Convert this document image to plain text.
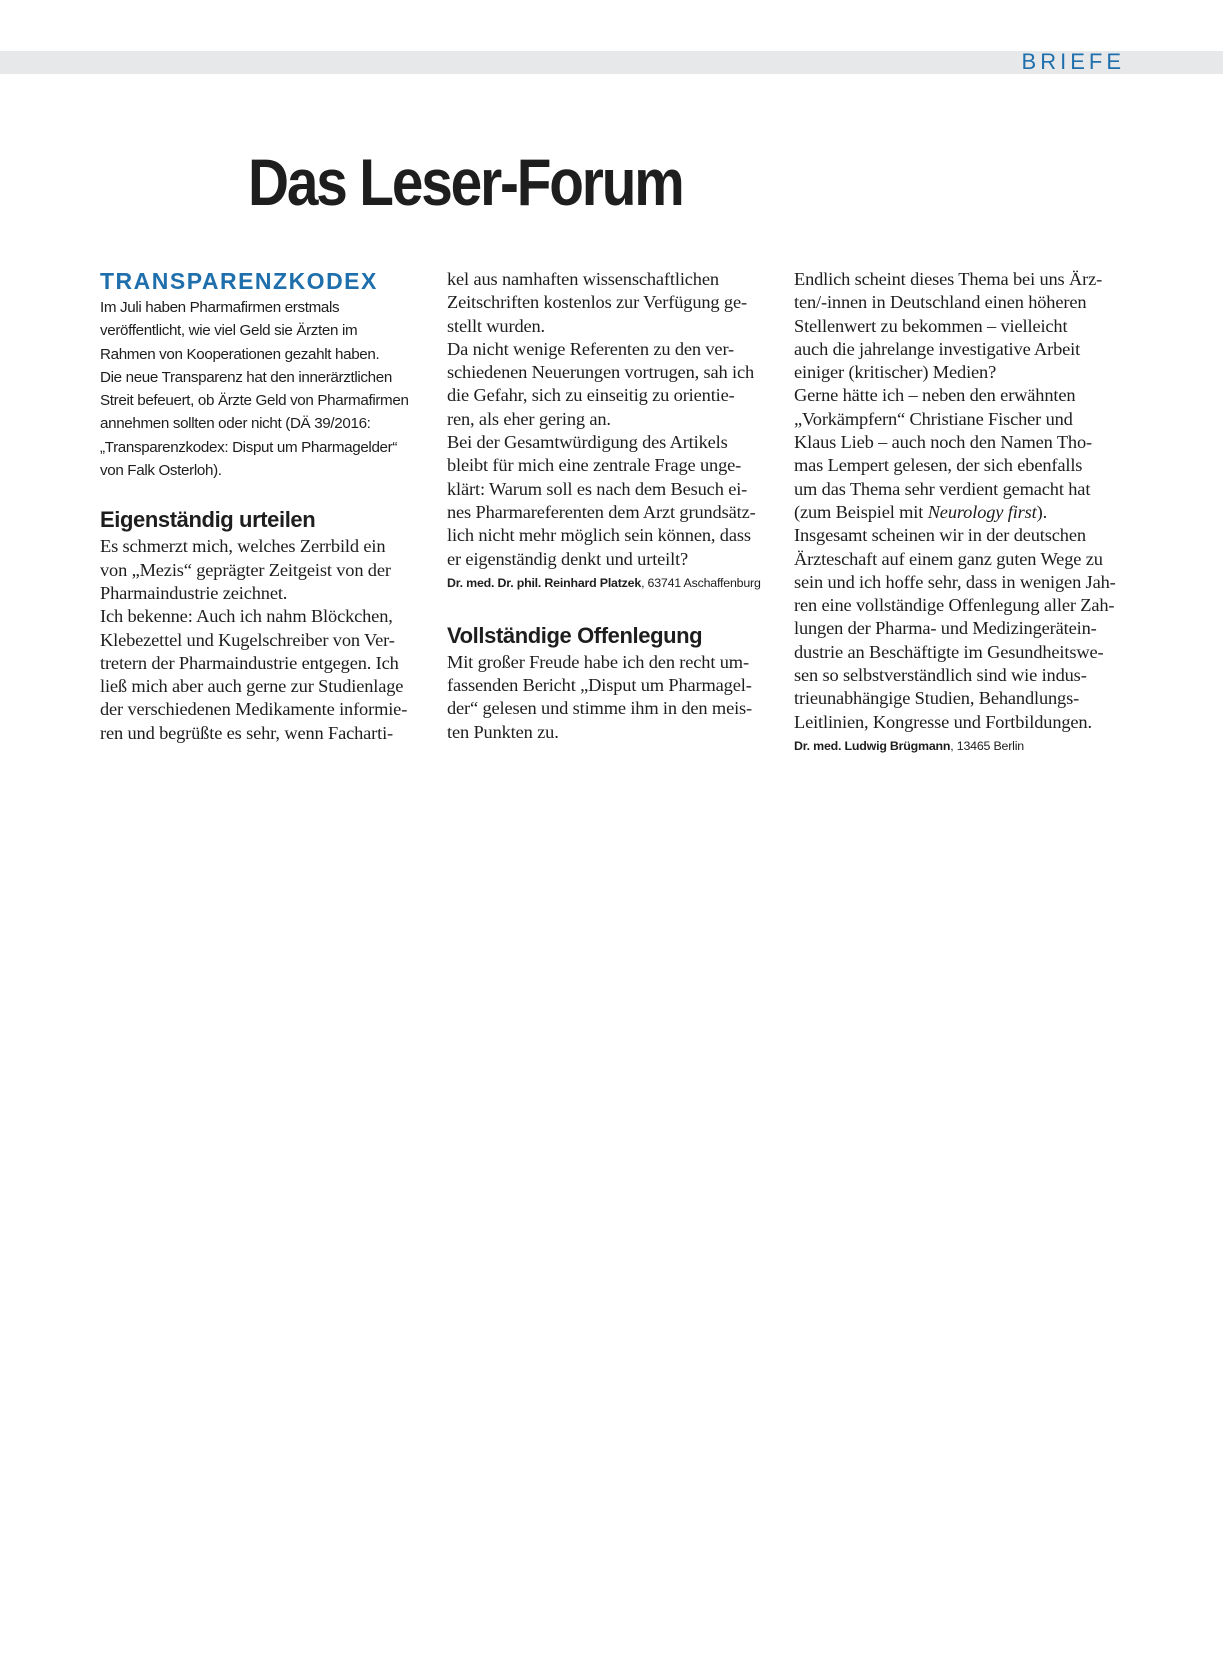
BRIEFE
Das Leser-Forum

TRANSPARENZKODEX

Im Juli haben Pharmafirmen erstmals
veröffentlicht, wie viel Geld sie Ärzten im
Rahmen von Kooperationen gezahlt haben.
Die neue Transparenz hat den innerärztlichen
Streit befeuert, ob Ärzte Geld von Pharmafirmen
annehmen sollten oder nicht (DÄ 39/2016:
„Transparenzkodex: Disput um Pharmagelder“
von Falk Osterloh).

Eigenständig urteilen

Es schmerzt mich, welches Zerrbild ein
von „Mezis“ geprägter Zeitgeist von der
Pharmaindustrie zeichnet.
Ich bekenne: Auch ich nahm Blöckchen,
Klebezettel und Kugelschreiber von Ver-
tretern der Pharmaindustrie entgegen. Ich
ließ mich aber auch gerne zur Studienlage
der verschiedenen Medikamente informie-
ren und begrüßte es sehr, wenn Facharti-

kel aus namhaften wissenschaftlichen
Zeitschriften kostenlos zur Verfügung ge-
stellt wurden.
Da nicht wenige Referenten zu den ver-
schiedenen Neuerungen vortrugen, sah ich
die Gefahr, sich zu einseitig zu orientie-
ren, als eher gering an.
Bei der Gesamtwürdigung des Artikels
bleibt für mich eine zentrale Frage unge-
klärt: Warum soll es nach dem Besuch ei-
nes Pharmareferenten dem Arzt grundsätz-
lich nicht mehr möglich sein können, dass
er eigenständig denkt und urteilt?

Dr. med. Dr. phil. Reinhard Platzek, 63741 Aschaffenburg

Vollständige Offenlegung

Mit großer Freude habe ich den recht um-
fassenden Bericht „Disput um Pharmagel-
der“ gelesen und stimme ihm in den meis-
ten Punkten zu.

Endlich scheint dieses Thema bei uns Ärz-
ten/-innen in Deutschland einen höheren
Stellenwert zu bekommen – vielleicht
auch die jahrelange investigative Arbeit
einiger (kritischer) Medien?
Gerne hätte ich – neben den erwähnten
„Vorkämpfern“ Christiane Fischer und
Klaus Lieb – auch noch den Namen Tho-
mas Lempert gelesen, der sich ebenfalls
um das Thema sehr verdient gemacht hat
(zum Beispiel mit Neurology first).
Insgesamt scheinen wir in der deutschen
Ärzteschaft auf einem ganz guten Wege zu
sein und ich hoffe sehr, dass in wenigen Jah-
ren eine vollständige Offenlegung aller Zah-
lungen der Pharma- und Medizingerätein-
dustrie an Beschäftigte im Gesundheitswe-
sen so selbstverständlich sind wie indus-
trieunabhängige Studien, Behandlungs-
Leitlinien, Kongresse und Fortbildungen.

Dr. med. Ludwig Brügmann, 13465 Berlin
